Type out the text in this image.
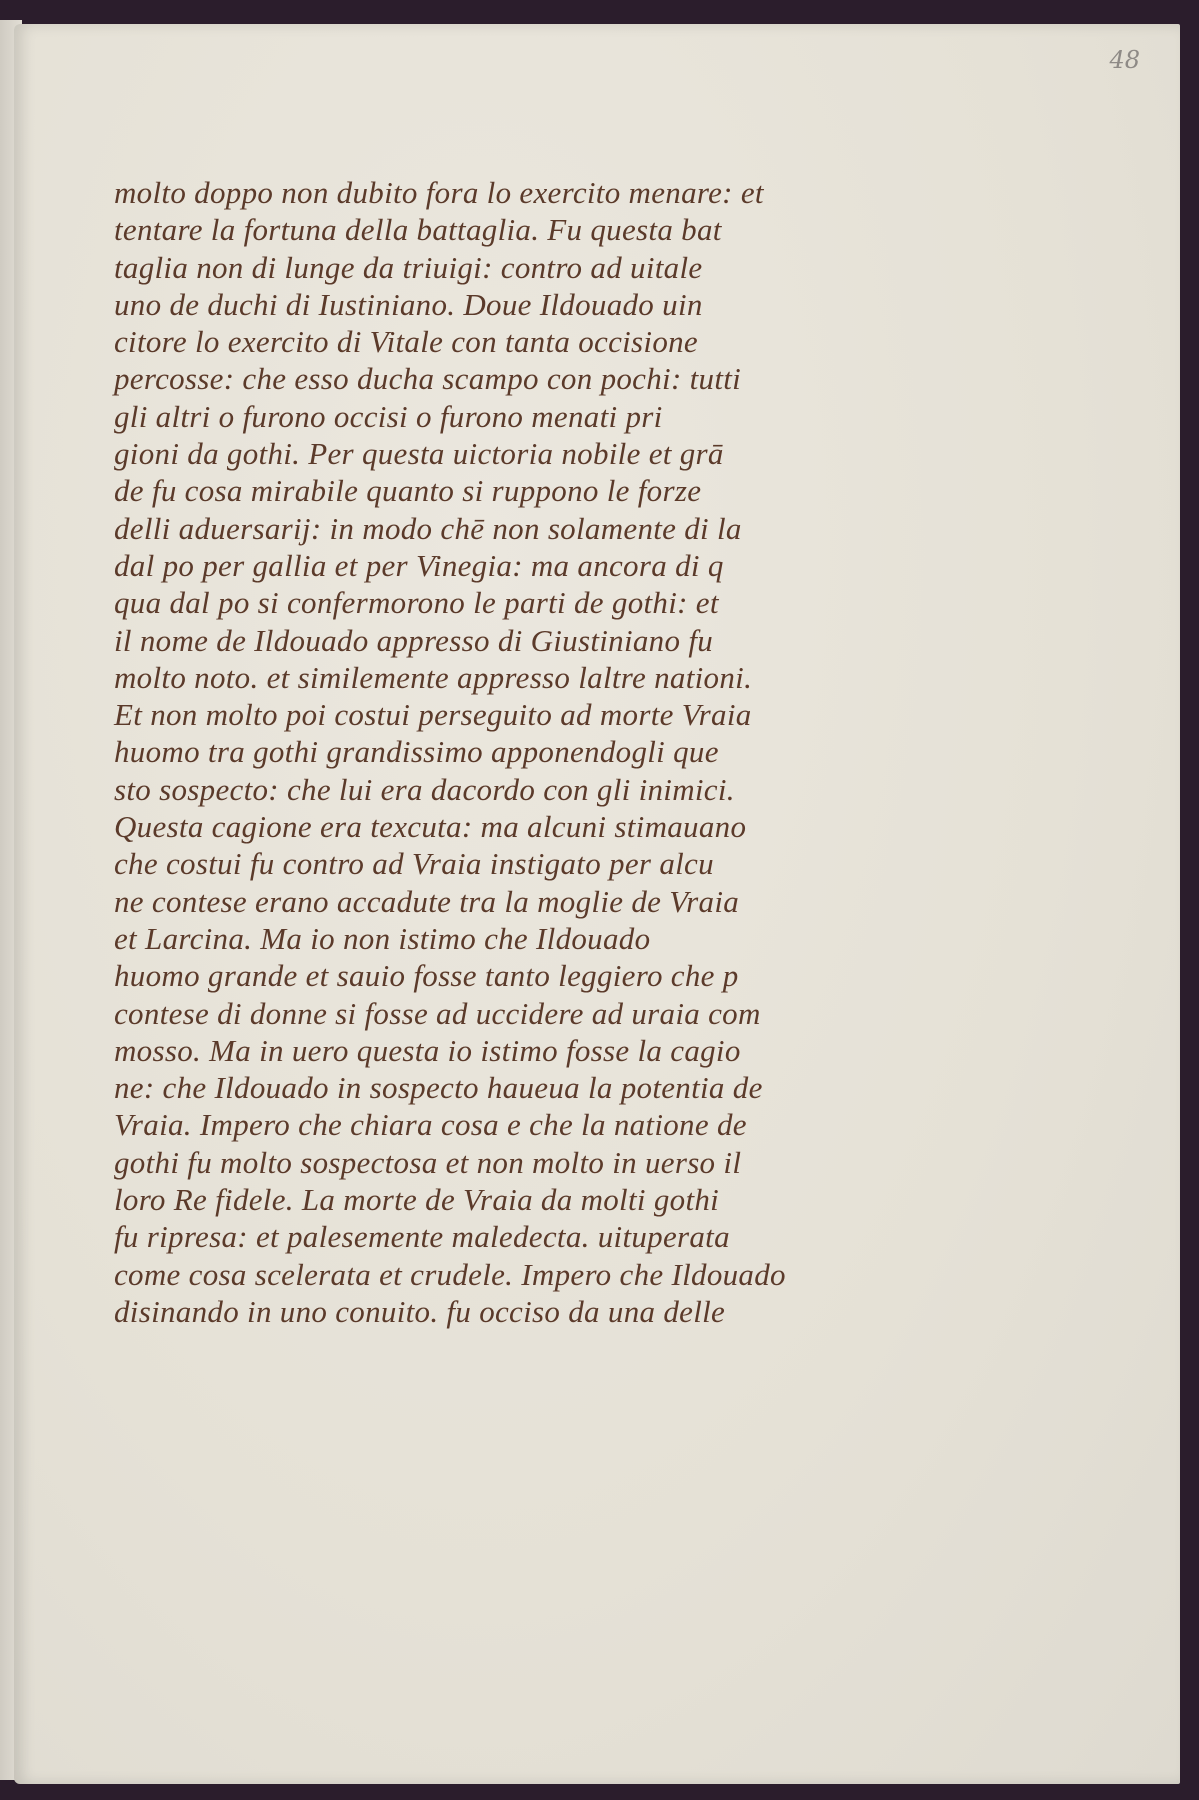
48
molto doppo non dubito fora lo exercito menare: et
tentare la fortuna della battaglia. Fu questa bat
taglia non di lunge da triuigi: contro ad uitale
uno de duchi di Iustiniano. Doue Ildouado uin
citore lo exercito di Vitale con tanta occisione
percosse: che esso ducha scampo con pochi: tutti
gli altri o furono occisi o furono menati pri
gioni da gothi. Per questa uictoria nobile et grā
de fu cosa mirabile quanto si ruppono le forze
delli aduersarij: in modo chē non solamente di la
dal po per gallia et per Vinegia: ma ancora di q
qua dal po si confermorono le parti de gothi: et
il nome de Ildouado appresso di Giustiniano fu
molto noto. et similemente appresso laltre nationi.
Et non molto poi costui perseguito ad morte Vraia
huomo tra gothi grandissimo apponendogli que
sto sospecto: che lui era dacordo con gli inimici.
Questa cagione era texcuta: ma alcuni stimauano
che costui fu contro ad Vraia instigato per alcu
ne contese erano accadute tra la moglie de Vraia
et Larcina. Ma io non istimo che Ildouado
huomo grande et sauio fosse tanto leggiero che p
contese di donne si fosse ad uccidere ad uraia com
mosso. Ma in uero questa io istimo fosse la cagio
ne: che Ildouado in sospecto haueua la potentia de
Vraia. Impero che chiara cosa e che la natione de
gothi fu molto sospectosa et non molto in uerso il
loro Re fidele. La morte de Vraia da molti gothi
fu ripresa: et palesemente maledecta. uituperata
come cosa scelerata et crudele. Impero che Ildouado
disinando in uno conuito. fu occiso da una delle
